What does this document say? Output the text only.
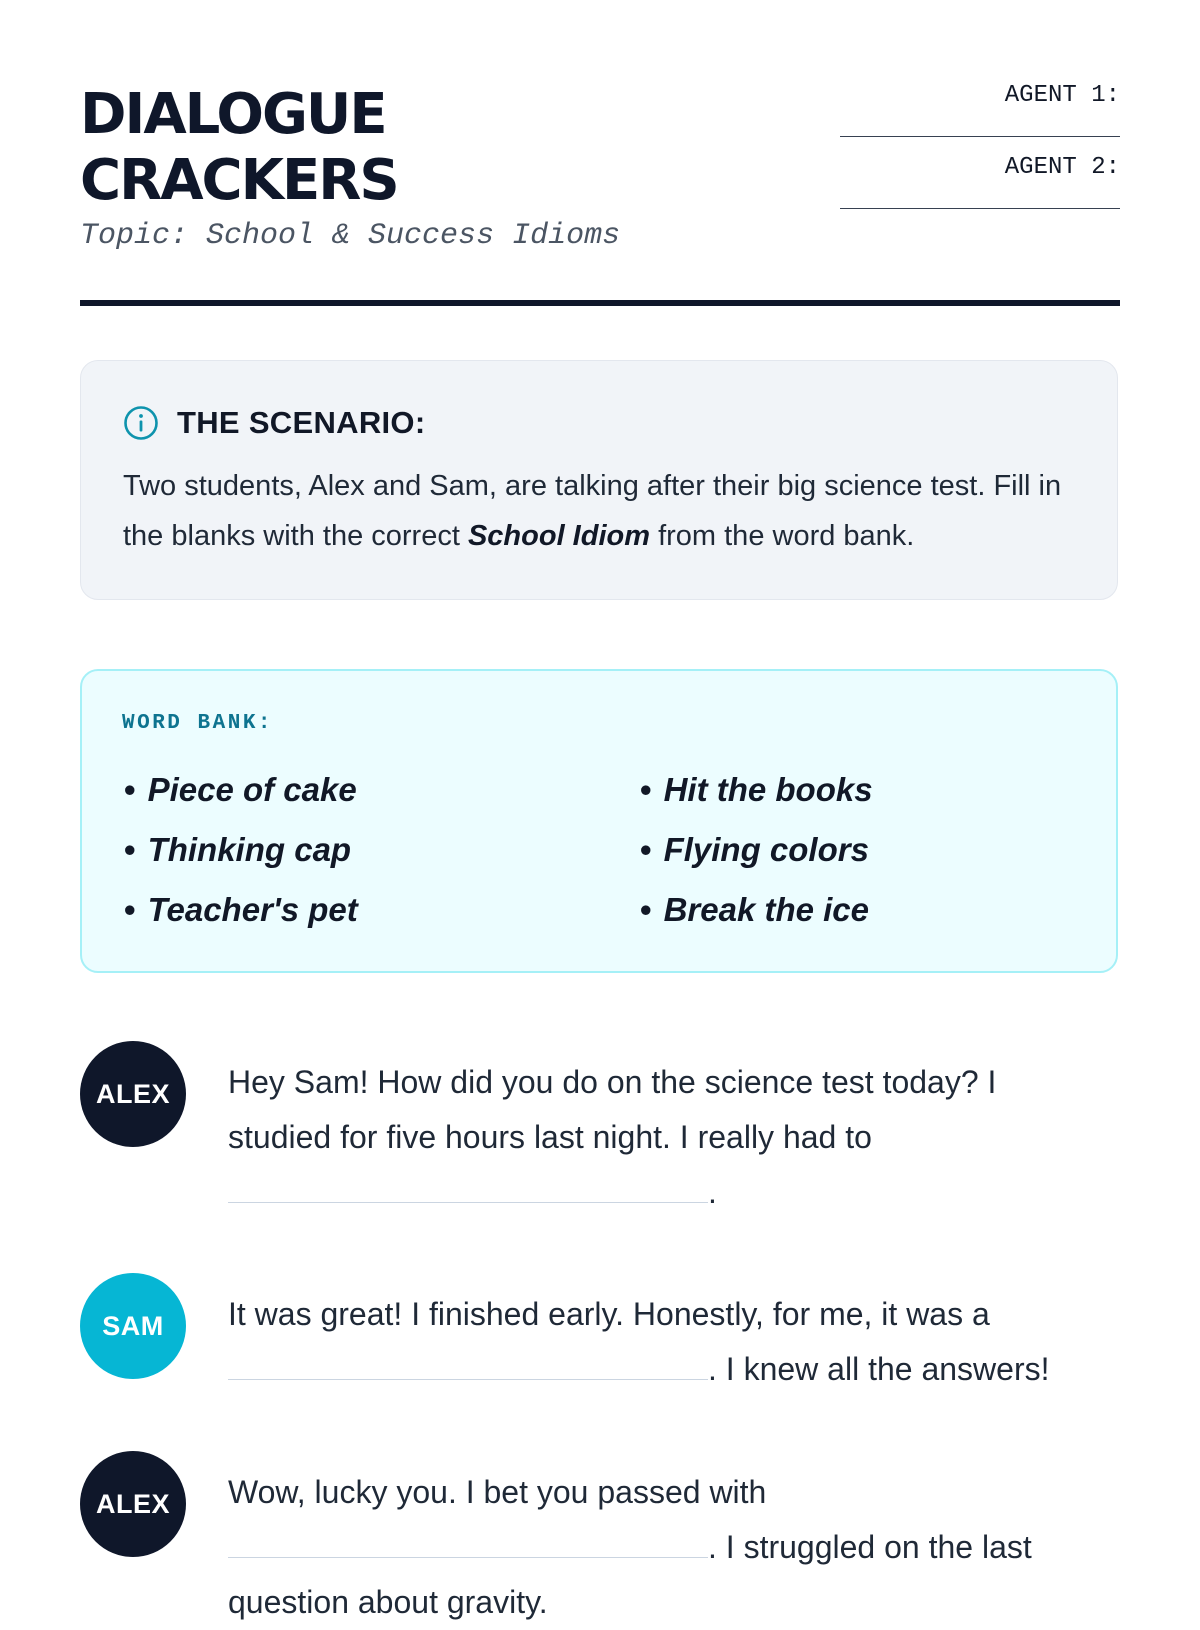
DIALOGUE
CRACKERS
Topic: School & Success Idioms
AGENT 1:
AGENT 2:
THE SCENARIO:
Two students, Alex and Sam, are talking after their big science test. Fill in the blanks with the correct School Idiom from the word bank.
WORD BANK:
• Piece of cake
• Thinking cap
• Teacher's pet
• Hit the books
• Flying colors
• Break the ice
ALEX	Hey Sam! How did you do on the science test today? I studied for five hours last night. I really had to .
SAM	It was great! I finished early. Honestly, for me, it was a . I knew all the answers!
ALEX	Wow, lucky you. I bet you passed with . I struggled on the last question about gravity.
